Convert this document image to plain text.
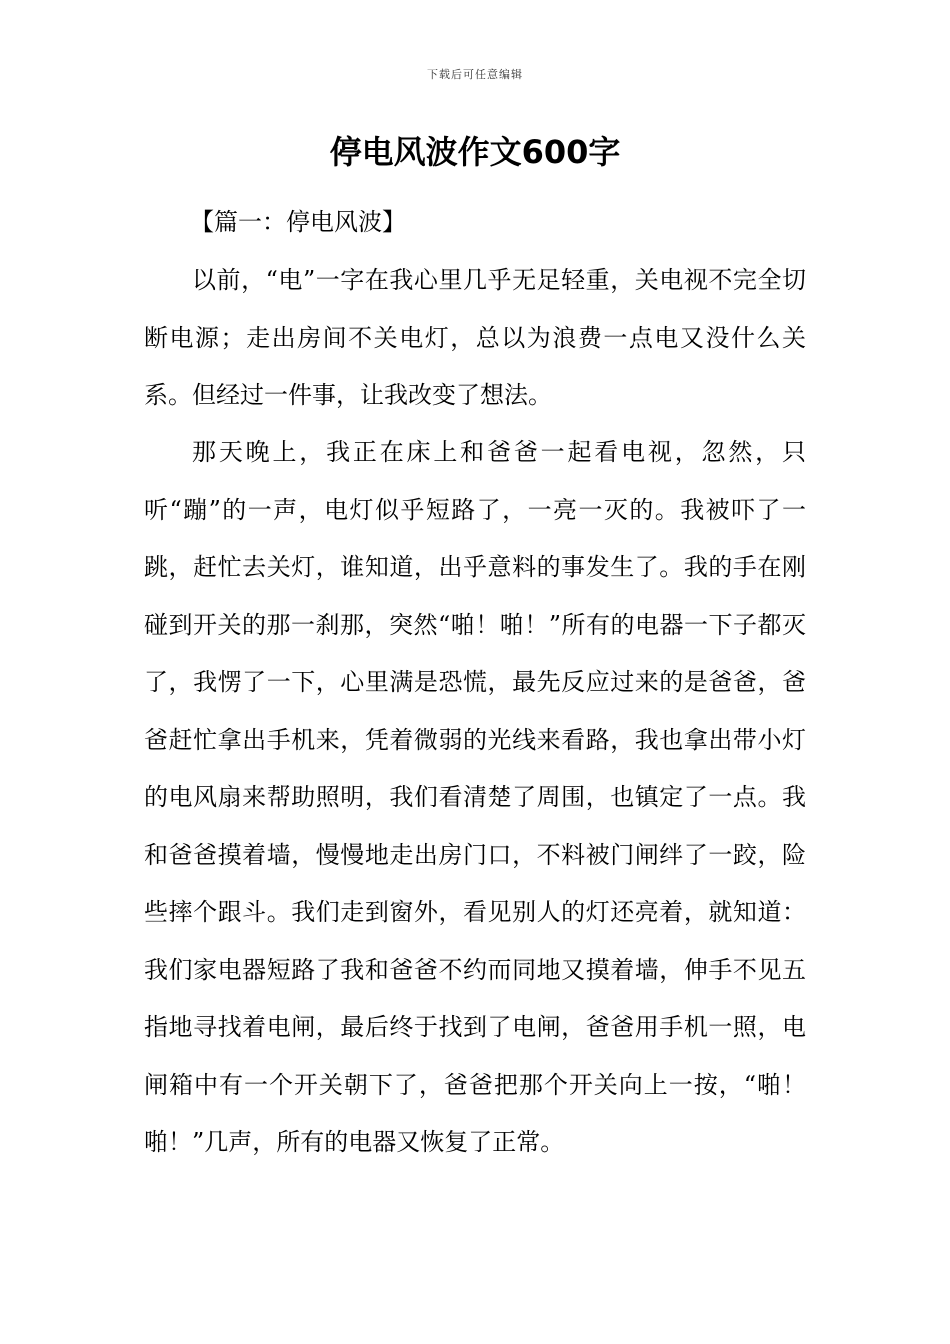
下载后可任意编辑
停电风波作文600字

【篇一：停电风波】

以前，“电”一字在我心里几乎无足轻重，关电视不完全切断电源；走出房间不关电灯，总以为浪费一点电又没什么关系。但经过一件事，让我改变了想法。

那天晚上，我正在床上和爸爸一起看电视，忽然，只听“蹦”的一声，电灯似乎短路了，一亮一灭的。我被吓了一跳，赶忙去关灯，谁知道，出乎意料的事发生了。我的手在刚碰到开关的那一刹那，突然“啪！啪！”所有的电器一下子都灭了，我愣了一下，心里满是恐慌，最先反应过来的是爸爸，爸爸赶忙拿出手机来，凭着微弱的光线来看路，我也拿出带小灯的电风扇来帮助照明，我们看清楚了周围，也镇定了一点。我和爸爸摸着墙，慢慢地走出房门口，不料被门闸绊了一跤，险些摔个跟斗。我们走到窗外，看见别人的灯还亮着，就知道：我们家电器短路了我和爸爸不约而同地又摸着墙，伸手不见五指地寻找着电闸，最后终于找到了电闸，爸爸用手机一照，电闸箱中有一个开关朝下了，爸爸把那个开关向上一按，“啪！啪！”几声，所有的电器又恢复了正常。
